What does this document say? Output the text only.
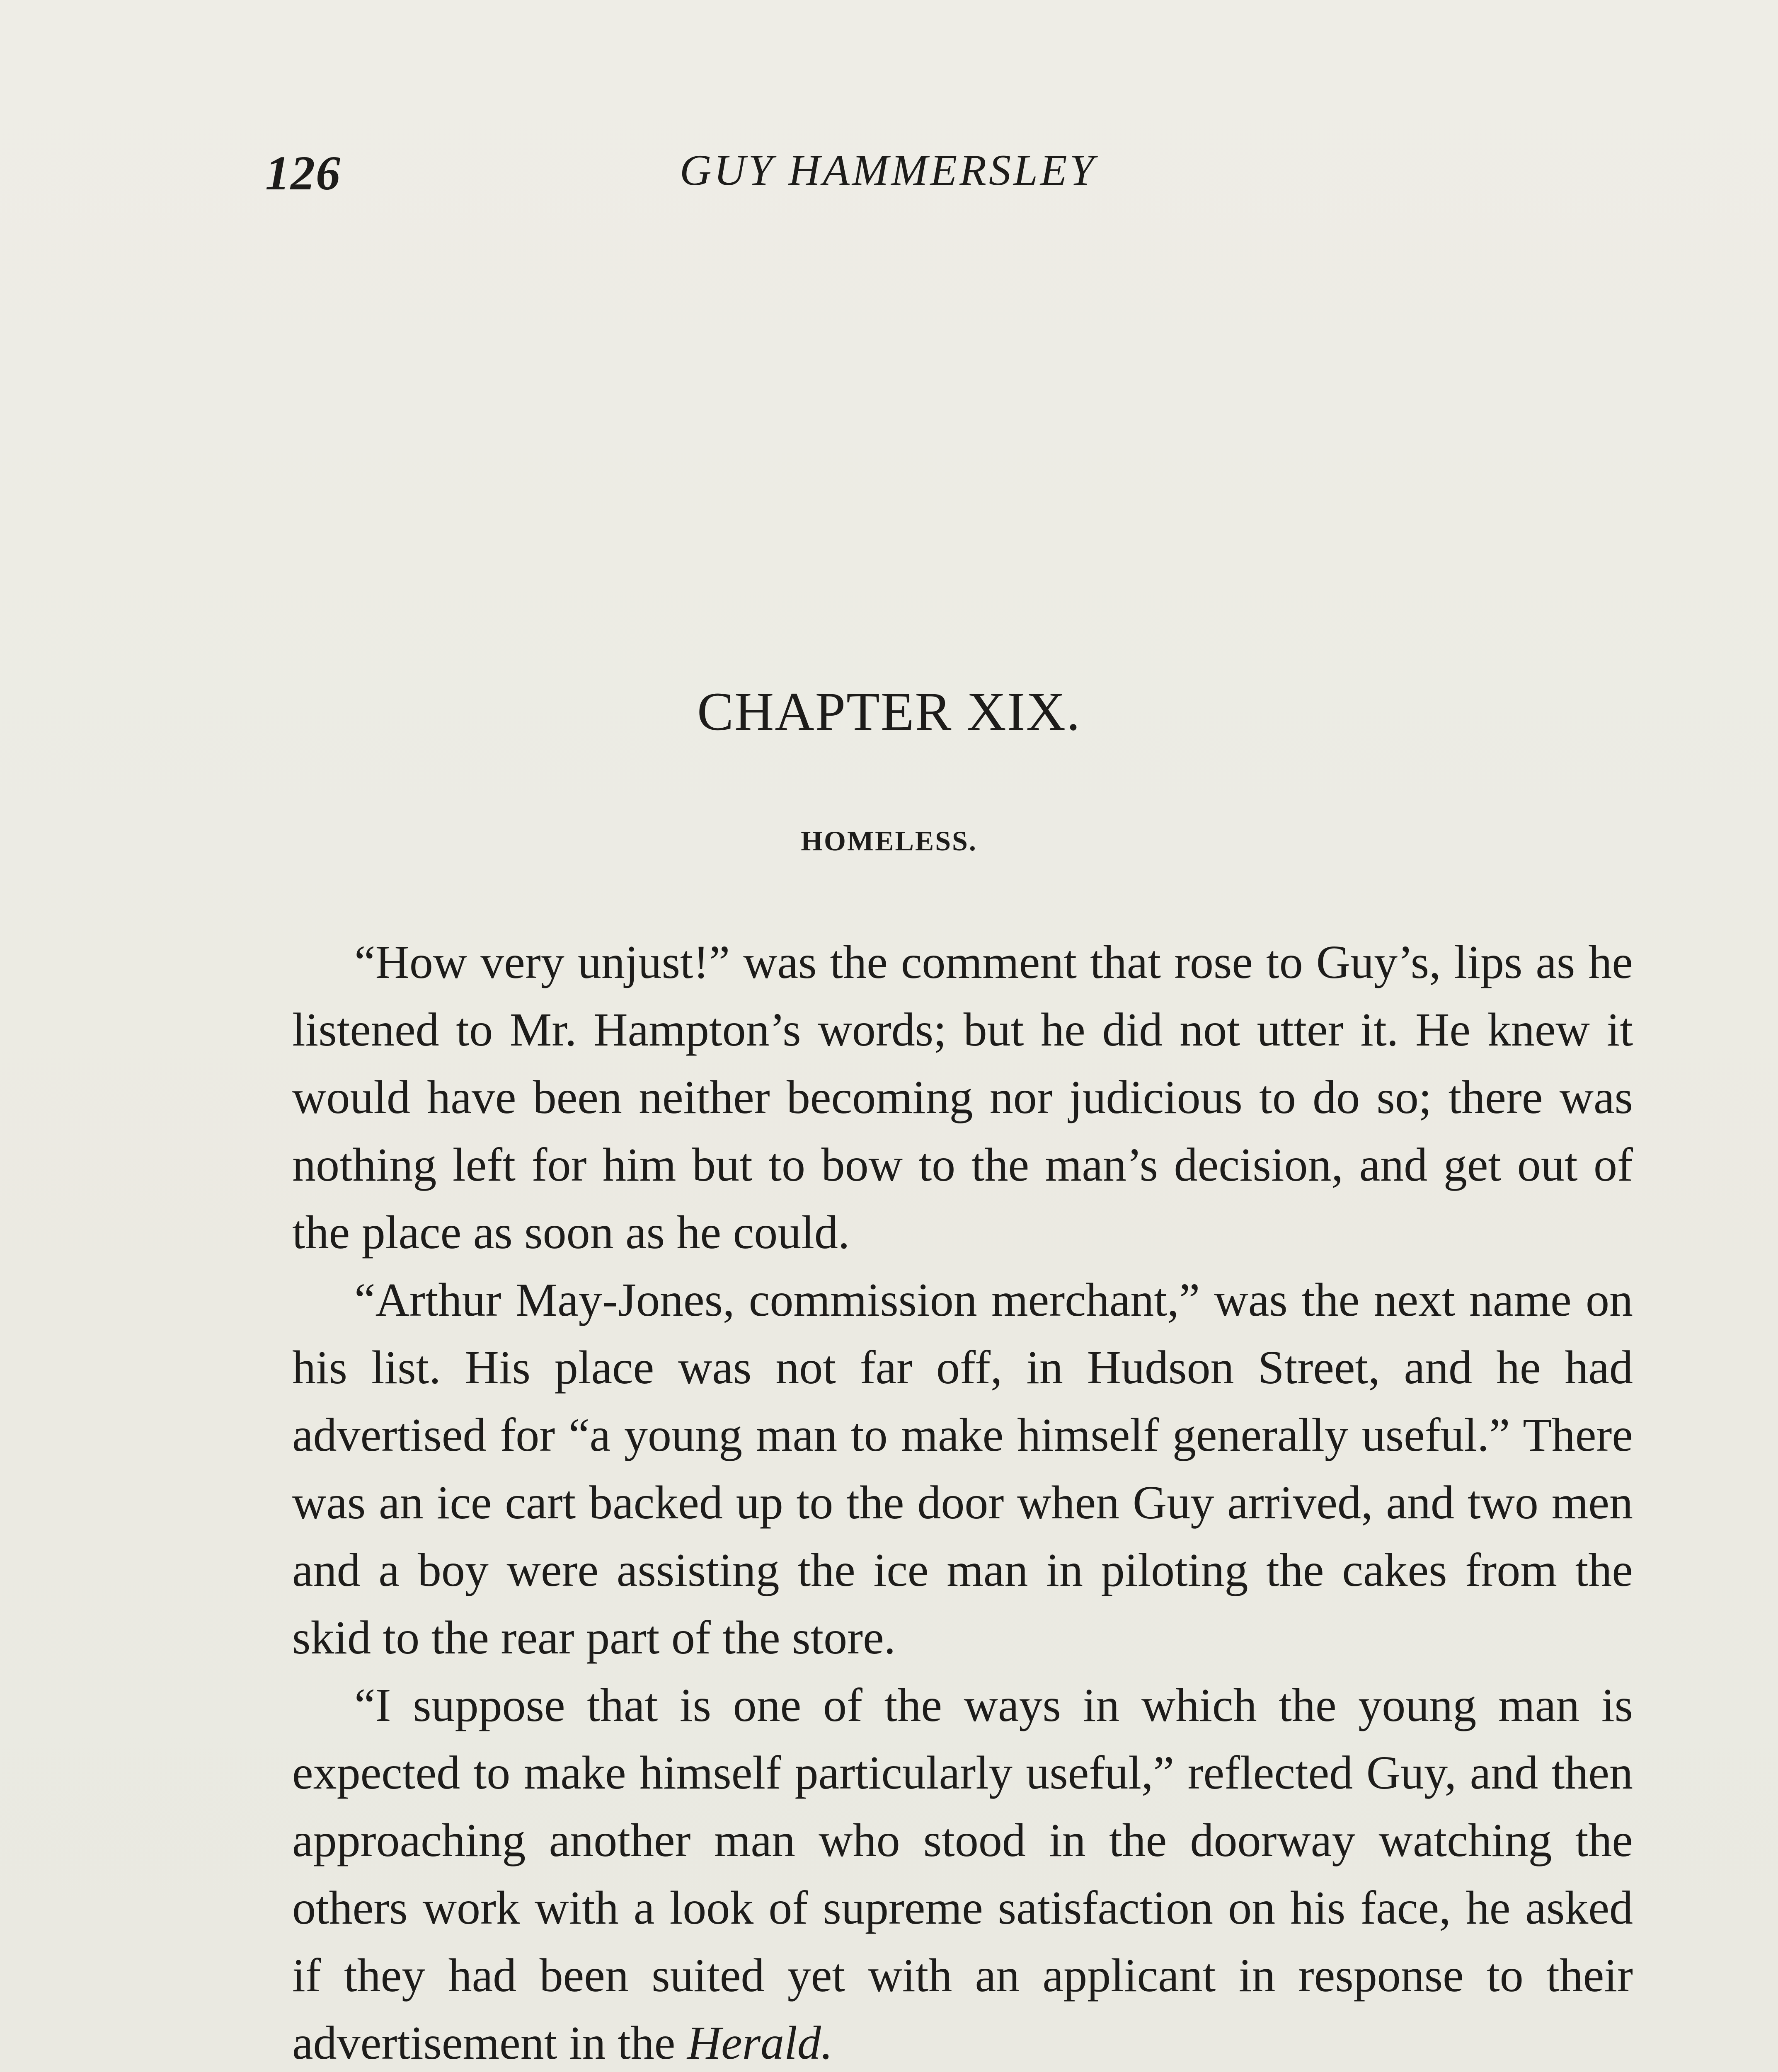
126	GUY HAMMERSLEY
CHAPTER XIX.
HOMELESS.

“How very unjust!” was the comment that rose to Guy’s, lips as he listened to Mr. Hampton’s words; but he did not utter it. He knew it would have been neither becoming nor judicious to do so; there was nothing left for him but to bow to the man’s decision, and get out of the place as soon as he could.

“Arthur May-Jones, commission merchant,” was the next name on his list. His place was not far off, in Hudson Street, and he had advertised for “a young man to make himself generally useful.” There was an ice cart backed up to the door when Guy arrived, and two men and a boy were assisting the ice man in piloting the cakes from the skid to the rear part of the store.

“I suppose that is one of the ways in which the young man is expected to make himself particularly useful,” reflected Guy, and then approaching another man who stood in the doorway watching the others work with a look of supreme satisfaction on his face, he asked if they had been suited yet with an applicant in response to their advertisement in the Herald.
